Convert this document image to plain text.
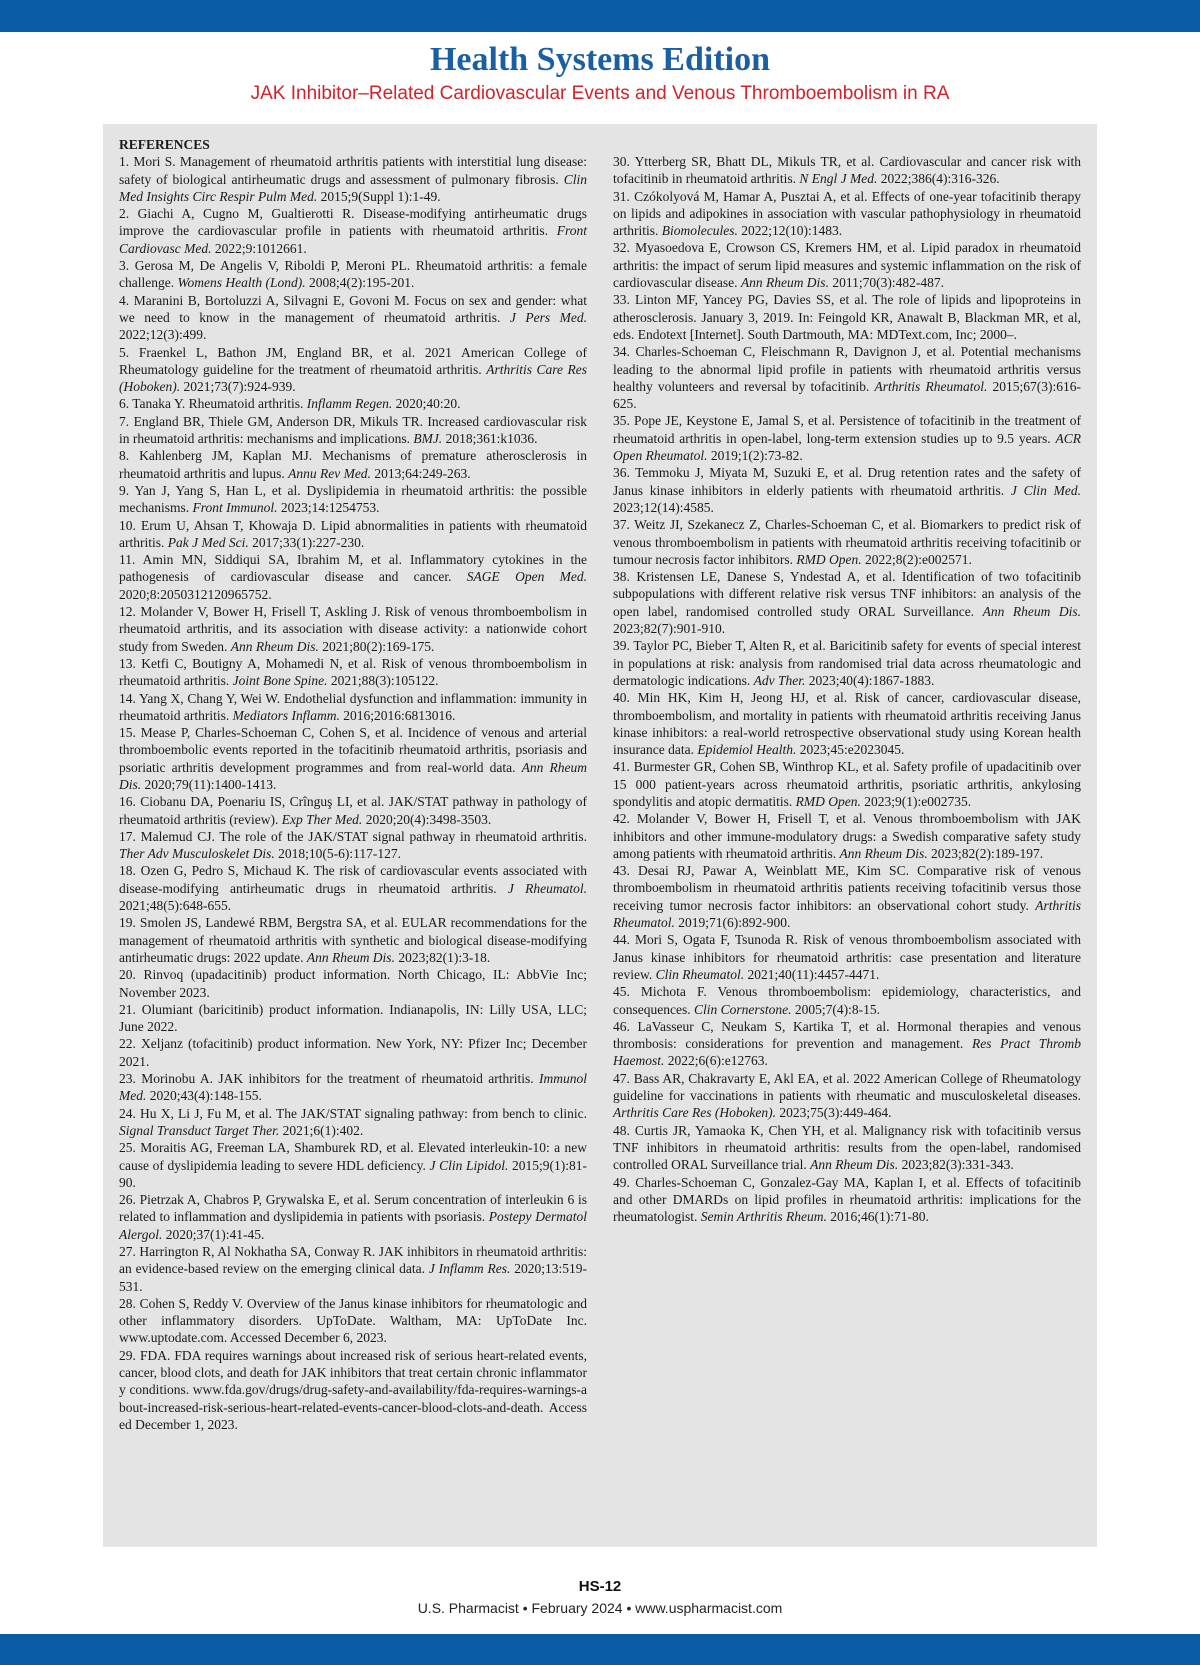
Health Systems Edition
JAK Inhibitor–Related Cardiovascular Events and Venous Thromboembolism in RA
REFERENCES

1. Mori S. Management of rheumatoid arthritis patients with interstitial lung disease: safety of biological antirheumatic drugs and assessment of pulmonary fibrosis. Clin Med Insights Circ Respir Pulm Med. 2015;9(Suppl 1):1-49.

2. Giachi A, Cugno M, Gualtierotti R. Disease-modifying antirheumatic drugs improve the cardiovascular profile in patients with rheumatoid arthritis. Front Cardiovasc Med. 2022;9:1012661.

3. Gerosa M, De Angelis V, Riboldi P, Meroni PL. Rheumatoid arthritis: a female challenge. Womens Health (Lond). 2008;4(2):195-201.

4. Maranini B, Bortoluzzi A, Silvagni E, Govoni M. Focus on sex and gender: what we need to know in the management of rheumatoid arthritis. J Pers Med. 2022;12(3):499.

5. Fraenkel L, Bathon JM, England BR, et al. 2021 American College of Rheumatology guideline for the treatment of rheumatoid arthritis. Arthritis Care Res (Hoboken). 2021;73(7):924-939.

6. Tanaka Y. Rheumatoid arthritis. Inflamm Regen. 2020;40:20.

7. England BR, Thiele GM, Anderson DR, Mikuls TR. Increased cardiovascular risk in rheumatoid arthritis: mechanisms and implications. BMJ. 2018;361:k1036.

8. Kahlenberg JM, Kaplan MJ. Mechanisms of premature atherosclerosis in rheumatoid arthritis and lupus. Annu Rev Med. 2013;64:249-263.

9. Yan J, Yang S, Han L, et al. Dyslipidemia in rheumatoid arthritis: the possible mechanisms. Front Immunol. 2023;14:1254753.

10. Erum U, Ahsan T, Khowaja D. Lipid abnormalities in patients with rheumatoid arthritis. Pak J Med Sci. 2017;33(1):227-230.

11. Amin MN, Siddiqui SA, Ibrahim M, et al. Inflammatory cytokines in the pathogenesis of cardiovascular disease and cancer. SAGE Open Med. 2020;8:2050312120965752.

12. Molander V, Bower H, Frisell T, Askling J. Risk of venous thromboembolism in rheumatoid arthritis, and its association with disease activity: a nationwide cohort study from Sweden. Ann Rheum Dis. 2021;80(2):169-175.

13. Ketfi C, Boutigny A, Mohamedi N, et al. Risk of venous thromboembolism in rheumatoid arthritis. Joint Bone Spine. 2021;88(3):105122.

14. Yang X, Chang Y, Wei W. Endothelial dysfunction and inflammation: immunity in rheumatoid arthritis. Mediators Inflamm. 2016;2016:6813016.

15. Mease P, Charles-Schoeman C, Cohen S, et al. Incidence of venous and arterial thromboembolic events reported in the tofacitinib rheumatoid arthritis, psoriasis and psoriatic arthritis development programmes and from real-world data. Ann Rheum Dis. 2020;79(11):1400-1413.

16. Ciobanu DA, Poenariu IS, Crînguş LI, et al. JAK/STAT pathway in pathology of rheumatoid arthritis (review). Exp Ther Med. 2020;20(4):3498-3503.

17. Malemud CJ. The role of the JAK/STAT signal pathway in rheumatoid arthritis. Ther Adv Musculoskelet Dis. 2018;10(5-6):117-127.

18. Ozen G, Pedro S, Michaud K. The risk of cardiovascular events associated with disease-modifying antirheumatic drugs in rheumatoid arthritis. J Rheumatol. 2021;48(5):648-655.

19. Smolen JS, Landewé RBM, Bergstra SA, et al. EULAR recommendations for the management of rheumatoid arthritis with synthetic and biological disease-modifying antirheumatic drugs: 2022 update. Ann Rheum Dis. 2023;82(1):3-18.

20. Rinvoq (upadacitinib) product information. North Chicago, IL: AbbVie Inc; November 2023.

21. Olumiant (baricitinib) product information. Indianapolis, IN: Lilly USA, LLC; June 2022.

22. Xeljanz (tofacitinib) product information. New York, NY: Pfizer Inc; December 2021.

23. Morinobu A. JAK inhibitors for the treatment of rheumatoid arthritis. Immunol Med. 2020;43(4):148-155.

24. Hu X, Li J, Fu M, et al. The JAK/STAT signaling pathway: from bench to clinic. Signal Transduct Target Ther. 2021;6(1):402.

25. Moraitis AG, Freeman LA, Shamburek RD, et al. Elevated interleukin-10: a new cause of dyslipidemia leading to severe HDL deficiency. J Clin Lipidol. 2015;9(1):81-90.

26. Pietrzak A, Chabros P, Grywalska E, et al. Serum concentration of interleukin 6 is related to inflammation and dyslipidemia in patients with psoriasis. Postepy Dermatol Alergol. 2020;37(1):41-45.

27. Harrington R, Al Nokhatha SA, Conway R. JAK inhibitors in rheumatoid arthritis: an evidence-based review on the emerging clinical data. J Inflamm Res. 2020;13:519-531.

28. Cohen S, Reddy V. Overview of the Janus kinase inhibitors for rheumatologic and other inflammatory disorders. UpToDate. Waltham, MA: UpToDate Inc. www.uptodate.com. Accessed December 6, 2023.

29. FDA. FDA requires warnings about increased risk of serious heart-related events, cancer, blood clots, and death for JAK inhibitors that treat certain chronic inflammatory conditions. www.fda.gov/drugs/drug-safety-and-availability/fda-requires-warnings-about-increased-risk-serious-heart-related-events-cancer-blood-clots-and-death. Accessed December 1, 2023.

30. Ytterberg SR, Bhatt DL, Mikuls TR, et al. Cardiovascular and cancer risk with tofacitinib in rheumatoid arthritis. N Engl J Med. 2022;386(4):316-326.

31. Czókolyová M, Hamar A, Pusztai A, et al. Effects of one-year tofacitinib therapy on lipids and adipokines in association with vascular pathophysiology in rheumatoid arthritis. Biomolecules. 2022;12(10):1483.

32. Myasoedova E, Crowson CS, Kremers HM, et al. Lipid paradox in rheumatoid arthritis: the impact of serum lipid measures and systemic inflammation on the risk of cardiovascular disease. Ann Rheum Dis. 2011;70(3):482-487.

33. Linton MF, Yancey PG, Davies SS, et al. The role of lipids and lipoproteins in atherosclerosis. January 3, 2019. In: Feingold KR, Anawalt B, Blackman MR, et al, eds. Endotext [Internet]. South Dartmouth, MA: MDText.com, Inc; 2000–.

34. Charles-Schoeman C, Fleischmann R, Davignon J, et al. Potential mechanisms leading to the abnormal lipid profile in patients with rheumatoid arthritis versus healthy volunteers and reversal by tofacitinib. Arthritis Rheumatol. 2015;67(3):616-625.

35. Pope JE, Keystone E, Jamal S, et al. Persistence of tofacitinib in the treatment of rheumatoid arthritis in open-label, long-term extension studies up to 9.5 years. ACR Open Rheumatol. 2019;1(2):73-82.

36. Temmoku J, Miyata M, Suzuki E, et al. Drug retention rates and the safety of Janus kinase inhibitors in elderly patients with rheumatoid arthritis. J Clin Med. 2023;12(14):4585.

37. Weitz JI, Szekanecz Z, Charles-Schoeman C, et al. Biomarkers to predict risk of venous thromboembolism in patients with rheumatoid arthritis receiving tofacitinib or tumour necrosis factor inhibitors. RMD Open. 2022;8(2):e002571.

38. Kristensen LE, Danese S, Yndestad A, et al. Identification of two tofacitinib subpopulations with different relative risk versus TNF inhibitors: an analysis of the open label, randomised controlled study ORAL Surveillance. Ann Rheum Dis. 2023;82(7):901-910.

39. Taylor PC, Bieber T, Alten R, et al. Baricitinib safety for events of special interest in populations at risk: analysis from randomised trial data across rheumatologic and dermatologic indications. Adv Ther. 2023;40(4):1867-1883.

40. Min HK, Kim H, Jeong HJ, et al. Risk of cancer, cardiovascular disease, thromboembolism, and mortality in patients with rheumatoid arthritis receiving Janus kinase inhibitors: a real-world retrospective observational study using Korean health insurance data. Epidemiol Health. 2023;45:e2023045.

41. Burmester GR, Cohen SB, Winthrop KL, et al. Safety profile of upadacitinib over 15 000 patient-years across rheumatoid arthritis, psoriatic arthritis, ankylosing spondylitis and atopic dermatitis. RMD Open. 2023;9(1):e002735.

42. Molander V, Bower H, Frisell T, et al. Venous thromboembolism with JAK inhibitors and other immune-modulatory drugs: a Swedish comparative safety study among patients with rheumatoid arthritis. Ann Rheum Dis. 2023;82(2):189-197.

43. Desai RJ, Pawar A, Weinblatt ME, Kim SC. Comparative risk of venous thromboembolism in rheumatoid arthritis patients receiving tofacitinib versus those receiving tumor necrosis factor inhibitors: an observational cohort study. Arthritis Rheumatol. 2019;71(6):892-900.

44. Mori S, Ogata F, Tsunoda R. Risk of venous thromboembolism associated with Janus kinase inhibitors for rheumatoid arthritis: case presentation and literature review. Clin Rheumatol. 2021;40(11):4457-4471.

45. Michota F. Venous thromboembolism: epidemiology, characteristics, and consequences. Clin Cornerstone. 2005;7(4):8-15.

46. LaVasseur C, Neukam S, Kartika T, et al. Hormonal therapies and venous thrombosis: considerations for prevention and management. Res Pract Thromb Haemost. 2022;6(6):e12763.

47. Bass AR, Chakravarty E, Akl EA, et al. 2022 American College of Rheumatology guideline for vaccinations in patients with rheumatic and musculoskeletal diseases. Arthritis Care Res (Hoboken). 2023;75(3):449-464.

48. Curtis JR, Yamaoka K, Chen YH, et al. Malignancy risk with tofacitinib versus TNF inhibitors in rheumatoid arthritis: results from the open-label, randomised controlled ORAL Surveillance trial. Ann Rheum Dis. 2023;82(3):331-343.

49. Charles-Schoeman C, Gonzalez-Gay MA, Kaplan I, et al. Effects of tofacitinib and other DMARDs on lipid profiles in rheumatoid arthritis: implications for the rheumatologist. Semin Arthritis Rheum. 2016;46(1):71-80.

HS-12
U.S. Pharmacist • February 2024 • www.uspharmacist.com
